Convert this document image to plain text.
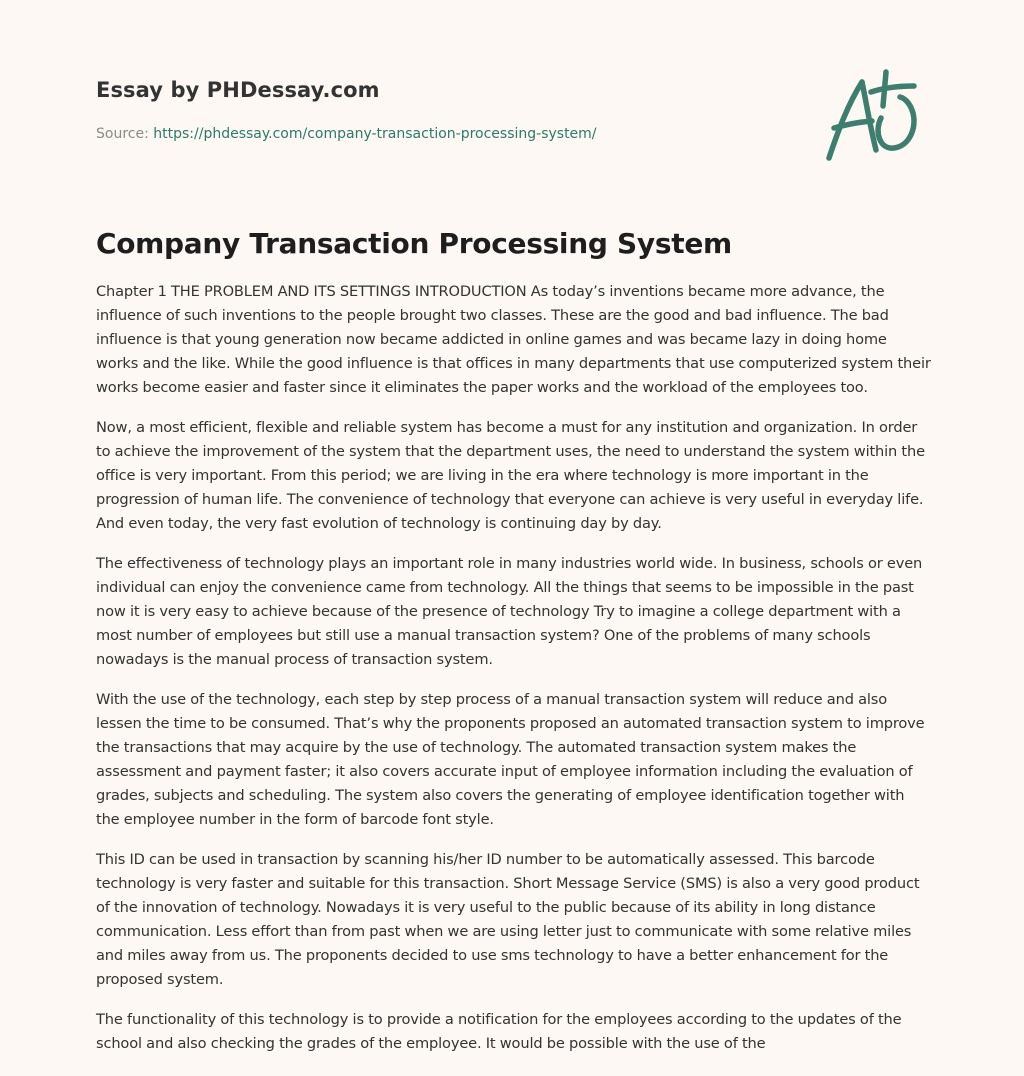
Essay by PHDessay.com

Source: https://phdessay.com/company-transaction-processing-system/
Company Transaction Processing System

Chapter 1 THE PROBLEM AND ITS SETTINGS INTRODUCTION As today’s inventions became more advance, the influence of such inventions to the people brought two classes. These are the good and bad influence. The bad influence is that young generation now became addicted in online games and was became lazy in doing home works and the like. While the good influence is that offices in many departments that use computerized system their works become easier and faster since it eliminates the paper works and the workload of the employees too.

Now, a most efficient, flexible and reliable system has become a must for any institution and organization. In order to achieve the improvement of the system that the department uses, the need to understand the system within the office is very important. From this period; we are living in the era where technology is more important in the progression of human life. The convenience of technology that everyone can achieve is very useful in everyday life. And even today, the very fast evolution of technology is continuing day by day.

The effectiveness of technology plays an important role in many industries world wide. In business, schools or even individual can enjoy the convenience came from technology. All the things that seems to be impossible in the past now it is very easy to achieve because of the presence of technology Try to imagine a college department with a most number of employees but still use a manual transaction system? One of the problems of many schools nowadays is the manual process of transaction system.

With the use of the technology, each step by step process of a manual transaction system will reduce and also lessen the time to be consumed. That’s why the proponents proposed an automated transaction system to improve the transactions that may acquire by the use of technology. The automated transaction system makes the assessment and payment faster; it also covers accurate input of employee information including the evaluation of grades, subjects and scheduling. The system also covers the generating of employee identification together with the employee number in the form of barcode font style.

This ID can be used in transaction by scanning his/her ID number to be automatically assessed. This barcode technology is very faster and suitable for this transaction. Short Message Service (SMS) is also a very good product of the innovation of technology. Nowadays it is very useful to the public because of its ability in long distance communication. Less effort than from past when we are using letter just to communicate with some relative miles and miles away from us. The proponents decided to use sms technology to have a better enhancement for the proposed system.

The functionality of this technology is to provide a notification for the employees according to the updates of the school and also checking the grades of the employee. It would be possible with the use of the
